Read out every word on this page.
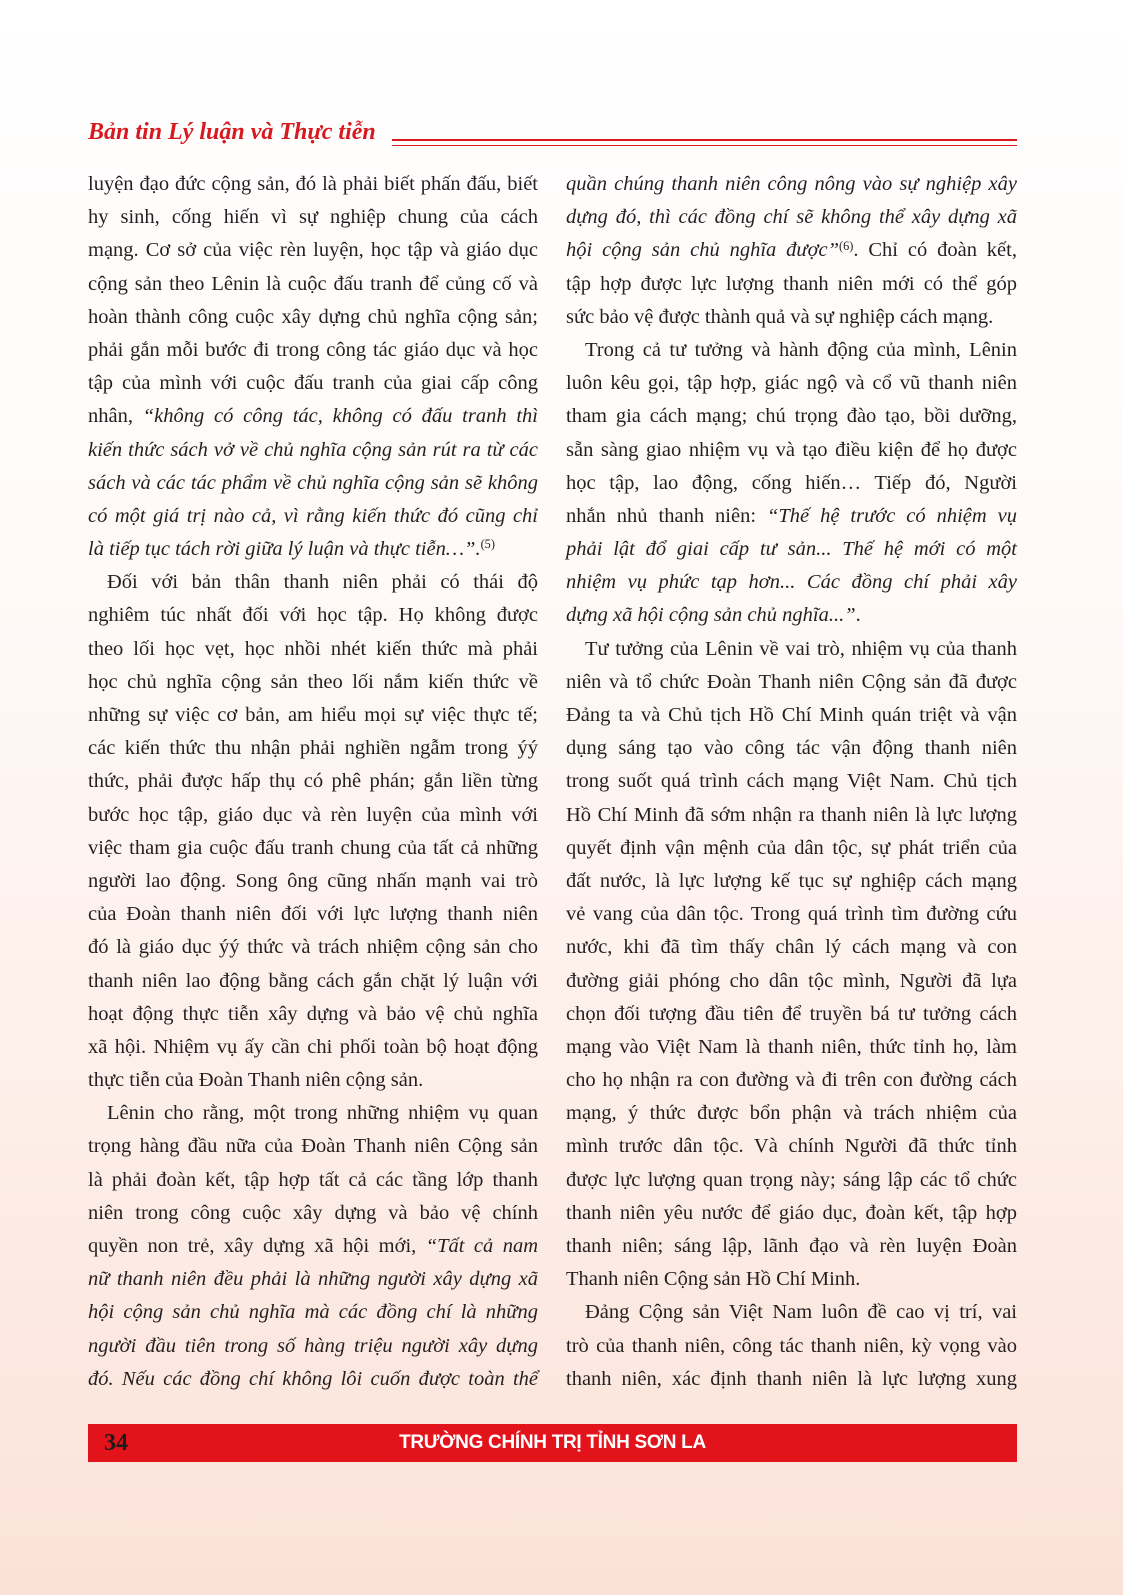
Bản tin Lý luận và Thực tiễn
luyện đạo đức cộng sản, đó là phải biết phấn đấu, biết
hy sinh, cống hiến vì sự nghiệp chung của cách
mạng. Cơ sở của việc rèn luyện, học tập và giáo dục
cộng sản theo Lênin là cuộc đấu tranh để củng cố và
hoàn thành công cuộc xây dựng chủ nghĩa cộng sản;
phải gắn mỗi bước đi trong công tác giáo dục và học
tập của mình với cuộc đấu tranh của giai cấp công
nhân, “không có công tác, không có đấu tranh thì
kiến thức sách vở về chủ nghĩa cộng sản rút ra từ các
sách và các tác phẩm về chủ nghĩa cộng sản sẽ không
có một giá trị nào cả, vì rằng kiến thức đó cũng chỉ
là tiếp tục tách rời giữa lý luận và thực tiễn…”.$^{(5)}$
Đối với bản thân thanh niên phải có thái độ
nghiêm túc nhất đối với học tập. Họ không được
theo lối học vẹt, học nhồi nhét kiến thức mà phải
học chủ nghĩa cộng sản theo lối nắm kiến thức về
những sự việc cơ bản, am hiểu mọi sự việc thực tế;
các kiến thức thu nhận phải nghiền ngẫm trong ýý
thức, phải được hấp thụ có phê phán; gắn liền từng
bước học tập, giáo dục và rèn luyện của mình với
việc tham gia cuộc đấu tranh chung của tất cả những
người lao động. Song ông cũng nhấn mạnh vai trò
của Đoàn thanh niên đối với lực lượng thanh niên
đó là giáo dục ýý thức và trách nhiệm cộng sản cho
thanh niên lao động bằng cách gắn chặt lý luận với
hoạt động thực tiễn xây dựng và bảo vệ chủ nghĩa
xã hội. Nhiệm vụ ấy cần chi phối toàn bộ hoạt động
thực tiễn của Đoàn Thanh niên cộng sản.
Lênin cho rằng, một trong những nhiệm vụ quan
trọng hàng đầu nữa của Đoàn Thanh niên Cộng sản
là phải đoàn kết, tập hợp tất cả các tầng lớp thanh
niên trong công cuộc xây dựng và bảo vệ chính
quyền non trẻ, xây dựng xã hội mới, “Tất cả nam
nữ thanh niên đều phải là những người xây dựng xã
hội cộng sản chủ nghĩa mà các đồng chí là những
người đầu tiên trong số hàng triệu người xây dựng
đó. Nếu các đồng chí không lôi cuốn được toàn thể
quần chúng thanh niên công nông vào sự nghiệp xây
dựng đó, thì các đồng chí sẽ không thể xây dựng xã
hội cộng sản chủ nghĩa được”$^{(6)}$. Chỉ có đoàn kết,
tập hợp được lực lượng thanh niên mới có thể góp
sức bảo vệ được thành quả và sự nghiệp cách mạng.
Trong cả tư tưởng và hành động của mình, Lênin
luôn kêu gọi, tập hợp, giác ngộ và cổ vũ thanh niên
tham gia cách mạng; chú trọng đào tạo, bồi dưỡng,
sẵn sàng giao nhiệm vụ và tạo điều kiện để họ được
học tập, lao động, cống hiến… Tiếp đó, Người
nhắn nhủ thanh niên: “Thế hệ trước có nhiệm vụ
phải lật đổ giai cấp tư sản... Thế hệ mới có một
nhiệm vụ phức tạp hơn... Các đồng chí phải xây
dựng xã hội cộng sản chủ nghĩa...”.
Tư tưởng của Lênin về vai trò, nhiệm vụ của thanh
niên và tổ chức Đoàn Thanh niên Cộng sản đã được
Đảng ta và Chủ tịch Hồ Chí Minh quán triệt và vận
dụng sáng tạo vào công tác vận động thanh niên
trong suốt quá trình cách mạng Việt Nam. Chủ tịch
Hồ Chí Minh đã sớm nhận ra thanh niên là lực lượng
quyết định vận mệnh của dân tộc, sự phát triển của
đất nước, là lực lượng kế tục sự nghiệp cách mạng
vẻ vang của dân tộc. Trong quá trình tìm đường cứu
nước, khi đã tìm thấy chân lý cách mạng và con
đường giải phóng cho dân tộc mình, Người đã lựa
chọn đối tượng đầu tiên để truyền bá tư tưởng cách
mạng vào Việt Nam là thanh niên, thức tỉnh họ, làm
cho họ nhận ra con đường và đi trên con đường cách
mạng, ý thức được bổn phận và trách nhiệm của
mình trước dân tộc. Và chính Người đã thức tỉnh
được lực lượng quan trọng này; sáng lập các tổ chức
thanh niên yêu nước để giáo dục, đoàn kết, tập hợp
thanh niên; sáng lập, lãnh đạo và rèn luyện Đoàn
Thanh niên Cộng sản Hồ Chí Minh.
Đảng Cộng sản Việt Nam luôn đề cao vị trí, vai
trò của thanh niên, công tác thanh niên, kỳ vọng vào
thanh niên, xác định thanh niên là lực lượng xung
34	TRƯỜNG CHÍNH TRỊ TỈNH SƠN LA
